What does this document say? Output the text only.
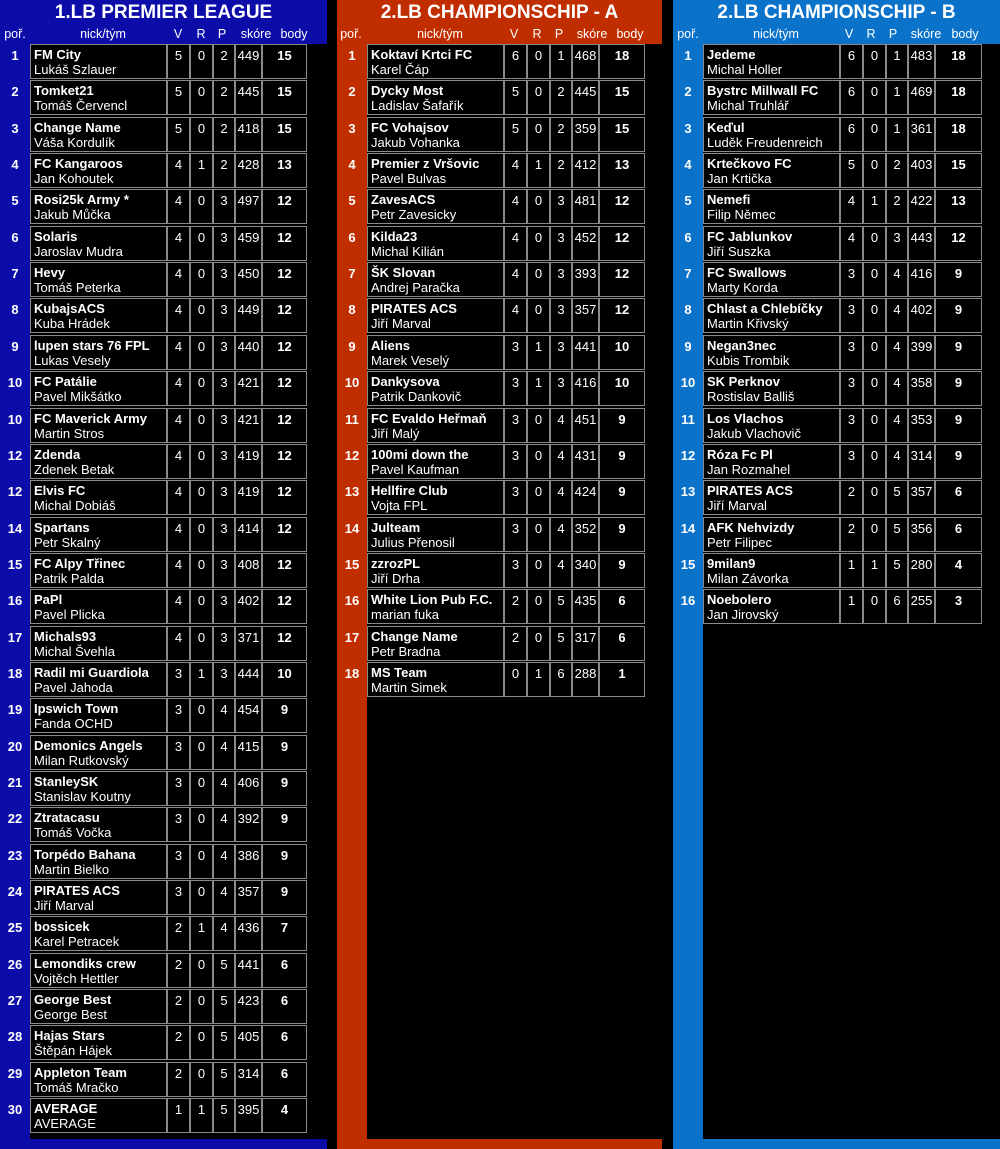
1.LB PREMIER LEAGUE
poř.	nick/tým	V R P skóre body
1	FM City
Lukáš Szlauer
5	0	2 449	15
2	Tomket21
Tomáš Červencl
5	0	2 445	15
3	Change Name
Váša Kordulík
5	0	2 418	15
4	FC Kangaroos
Jan Kohoutek
4	1	2 428	13
5	Rosi25k Army *
Jakub Můčka
4	0	3 497	12
6	Solaris
Jaroslav Mudra
4	0	3 459	12
7	Hevy
Tomáš Peterka
4	0	3 450	12
8	KubajsACS
Kuba Hrádek
4	0	3 449	12
9	lupen stars 76 FPL
Lukas Vesely
4	0	3 440	12
10 FC Patálie
Pavel Mikšátko
4	0	3 421	12
10 FC Maverick Army
Martin Stros
4	0	3 421	12
12 Zdenda
Zdenek Betak
4	0	3 419	12
12 Elvis FC
Michal Dobiáš
4	0	3 419	12
14 Spartans
Petr Skalný
4	0	3 414	12
15 FC Alpy Třinec
Patrik Palda
4	0	3 408	12
16 PaPl
Pavel Plicka
4	0	3 402	12
17 Michals93
Michal Švehla
4	0	3 371	12
18 Radil mi Guardiola
Pavel Jahoda
3	1	3 444	10
19 Ipswich Town
Fanda OCHD
3	0	4 454	9
20 Demonics Angels
Milan Rutkovský
3	0	4 415	9
21 StanleySK
Stanislav Koutny
3	0	4 406	9
22 Ztratacasu
Tomáš Vočka
3	0	4 392	9
23 Torpédo Bahana
Martin Bielko
3	0	4 386	9
24 PIRATES ACS
Jiří Marval
3	0	4 357	9
25 bossicek
Karel Petracek
2	1	4 436	7
26 Lemondiks crew
Vojtěch Hettler
2	0	5 441	6
27 George Best
George Best
2	0	5 423	6
28 Hajas Stars
Štěpán Hájek
2	0	5 405	6
29 Appleton Team
Tomáš Mračko
2	0	5 314	6
30 AVERAGE
AVERAGE
1	1	5 395	4
2.LB CHAMPIONSCHIP - A
poř.	nick/tým	V R P skóre body
1	Koktaví Krtci FC
Karel Čáp
6	0	1 468	18
2	Dycky Most
Ladislav Šafařík
5	0	2 445	15
3	FC Vohajsov
Jakub Vohanka
5	0	2 359	15
4	Premier z Vršovic
Pavel Bulvas
4	1	2 412	13
5	ZavesACS
Petr Zavesicky
4	0	3 481	12
6	Kilda23
Michal Kilián
4	0	3 452	12
7	ŠK Slovan
Andrej Paračka
4	0	3 393	12
8	PIRATES ACS
Jiří Marval
4	0	3 357	12
9	Aliens
Marek Veselý
3	1	3 441	10
10 Dankysova
Patrik Dankovič
3	1	3 416	10
11 FC Evaldo Heřmaň
Jiří Malý
3	0	4 451	9
12 100mi down the
Pavel Kaufman
3	0	4 431	9
13 Hellfire Club
Vojta FPL
3	0	4 424	9
14 Julteam
Julius Přenosil
3	0	4 352	9
15 zzrozPL
Jiří Drha
3	0	4 340	9
16 White Lion Pub F.C.
marian fuka
2	0	5 435	6
17 Change Name
Petr Bradna
2	0	5 317	6
18 MS Team
Martin Simek
0	1	6 288	1
2.LB CHAMPIONSCHIP - B
poř.	nick/tým	V R P skóre body
1	Jedeme
Michal Holler
6	0	1 483	18
2	Bystrc Millwall FC
Michal Truhlář
6	0	1 469	18
3	Keďul
Luděk Freudenreich
6	0	1 361	18
4	Krtečkovo FC
Jan Krtička
5	0	2 403	15
5	Nemefi
Filip Němec
4	1	2 422	13
6	FC Jablunkov
Jiří Suszka
4	0	3 443	12
7	FC Swallows
Marty Korda
3	0	4 416	9
8	Chlast a Chlebíčky
Martin Křivský
3	0	4 402	9
9	Negan3nec
Kubis Trombik
3	0	4 399	9
10 SK Perknov
Rostislav Balliš
3	0	4 358	9
11 Los Vlachos
Jakub Vlachovič
3	0	4 353	9
12 Róza Fc Pl
Jan Rozmahel
3	0	4 314	9
13 PIRATES ACS
Jiří Marval
2	0	5 357	6
14 AFK Nehvizdy
Petr Filipec
2	0	5 356	6
15 9milan9
Milan Závorka
1	1	5 280	4
16 Noebolero
Jan Jirovský
1	0	6 255	3
